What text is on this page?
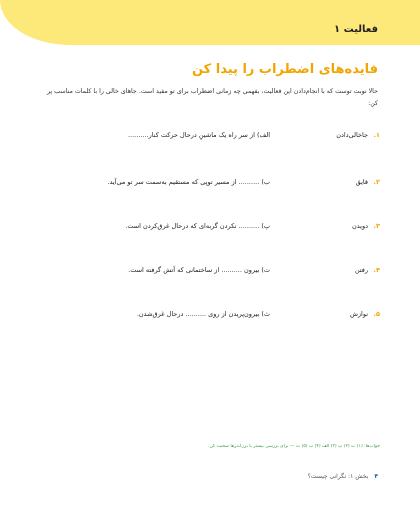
فعالیت ۱
فایده‌های اضطراب را پیدا کن
حالا نوبت توست که با انجام‌دادن این فعالیت، بفهمی چه زمانی اضطراب برای تو مفید است. جاهای خالی را با کلمات مناسب پر کن:
۱.
جاخالی‌دادن
الف) از سر راه یک ماشینِ درحال حرکت کنار..........
۲.
قایق
ب) .......... از مسیر توپی که مستقیم به‌سمت سر تو می‌آید.
۳.
دویدن
پ) .......... نکردن گربه‌ای که درحال غرق‌کردن است.
۴.
رفتن
ت) بیرون .......... از ساختمانی که آتش گرفته است.
۵.
نوازش
ث) بیرون‌پریدن از روی .......... درحال غرق‌شدن.
جواب‌ها: (۱) ت (۲) پ (۳) الف (۴) ب (۵) ث — برای بررسی بیشتر با بزرگ‌ترها صحبت کن
۴ بخش ۱: نگرانی چیست؟
